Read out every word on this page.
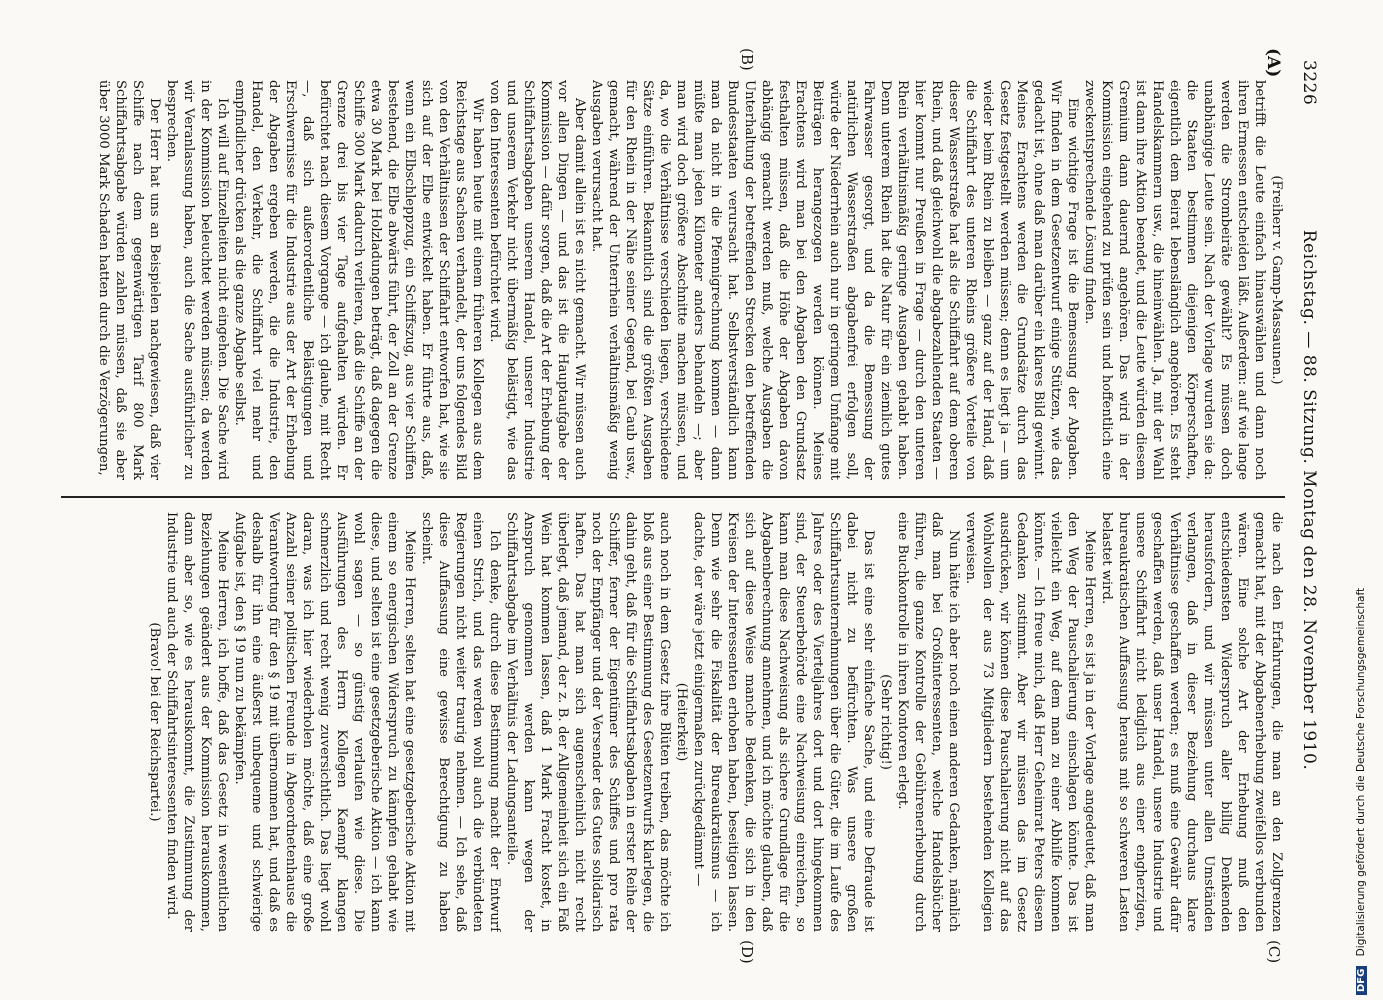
3226
Reichstag. — 88. Sitzung. Montag den 28. November 1910.
(A)
(B)
(C)
(D)

(Freiherr v. Gamp-Massaunen.)

betrifft die Leute einfach hinauswählen und dann noch ihren Ermessen entscheiden läßt. Außerdem: auf wie lange werden die Strombeiräte gewählt? Es müssen doch unabhängige Leute sein. Nach der Vorlage wurden sie da: die Staaten bestimmen diejenigen Körperschaften, eigentlich dem Beirat lebenslänglich angehören. Es steht Handelskammern usw., die hineinwählen. Ja, mit der Wahl ist dann ihre Aktion beendet, und die Leute würden diesem Gremium dann dauernd angehören. Das wird in der Kommission eingehend zu prüfen sein und hoffentlich eine zweckentsprechende Lösung finden.

Eine wichtige Frage ist die Bemessung der Abgaben. Wir finden in dem Gesetzentwurf einige Stützen, wie das gedacht ist, ohne daß man darüber ein klares Bild gewinnt. Meines Erachtens werden die Grundsätze durch das Gesetz festgestellt werden müssen; denn es liegt ja — um wieder beim Rhein zu bleiben — ganz auf der Hand, daß die Schiffahrt des unteren Rheins größere Vorteile von dieser Wasserstraße hat als die Schiffahrt auf dem oberen Rhein, und daß gleichwohl die abgabezahlenden Staaten — hier kommt nur Preußen in Frage — durch den unteren Rhein verhältnismäßig geringe Ausgaben gehabt haben. Denn unterem Rhein hat die Natur für ein ziemlich gutes Fahrwasser gesorgt, und da die Bemessung der natürlichen Wasserstraßen abgabenfrei erfolgen soll, würde der Niederrhein auch nur in geringem Umfange mit Beiträgen herangezogen werden können. Meines Erachtens wird man bei den Abgaben den Grundsatz festhalten müssen, daß die Höhe der Abgaben davon abhängig gemacht werden muß, welche Ausgaben die Unterhaltung der betreffenden Strecken den betreffenden Bundesstaaten verursacht hat. Selbstverständlich kann man da nicht in die Pfennigrechnung kommen — dann müßte man jeden Kilometer anders behandeln —; aber man wird doch größere Abschnitte machen müssen, und da, wo die Verhältnisse verschieden liegen, verschiedene Sätze einführen. Bekanntlich sind die größten Ausgaben für den Rhein in der Nähe seiner Gegend, bei Caub usw., gemacht, während der Unterrhein verhältnismäßig wenig Ausgaben verursacht hat.

Aber damit allein ist es nicht gemacht. Wir müssen auch vor allen Dingen — und das ist die Hauptaufgabe der Kommission — dafür sorgen, daß die Art der Erhebung der Schiffahrtsabgaben unserem Handel, unserer Industrie und unserem Verkehr nicht übermäßig belästigt, wie das von den Interessenten befürchtet wird.

Wir haben heute mit einem früheren Kollegen aus dem Reichstage aus Sachsen verhandelt, der uns folgendes Bild von den Verhältnissen der Schiffahrt entworfen hat, wie sie sich auf der Elbe entwickelt haben. Er führte aus, daß, wenn ein Elbschleppzug, ein Schiffszug, aus vier Schiffen bestehend, die Elbe abwärts führt, der Zoll an der Grenze etwa 30 Mark bei Holzladungen beträgt, daß dagegen die Schiffe 300 Mark dadurch verlieren, daß die Schiffe an der Grenze drei bis vier Tage aufgehalten würden. Er befürchtet nach diesem Vorgange — ich glaube, mit Recht —, daß sich außerordentliche Belästigungen und Erschwernisse für die Industrie aus der Art der Erhebung der Abgaben ergeben werden, die die Industrie, den Handel, den Verkehr, die Schiffahrt viel mehr und empfindlicher drücken als die ganze Abgabe selbst.

Ich will auf Einzelheiten nicht eingehen. Die Sache wird in der Kommission beleuchtet werden müssen; da werden wir Veranlassung haben, auch die Sache ausführlicher zu besprechen.

Der Herr hat uns an Beispielen nachgewiesen, daß vier Schiffe nach dem gegenwärtigen Tarif 800 Mark Schiffahrtsabgabe würden zahlen müssen, daß sie aber über 3000 Mark Schaden hatten durch die Verzögerungen,

die nach den Erfahrungen, die man an den Zollgrenzen gemacht hat, mit der Abgabenerhebung zweifellos verbunden wären. Eine solche Art der Erhebung muß den entschiedensten Widerspruch aller billig Denkenden herausfordern, und wir müssen unter allen Umständen verlangen, daß in dieser Beziehung durchaus klare Verhältnisse geschaffen werden; es muß eine Gewähr dafür geschaffen werden, daß unser Handel, unsere Industrie und unsere Schiffahrt nicht lediglich aus einer engherzigen, bureaukratischen Auffassung heraus mit so schweren Lasten belastet wird.

Meine Herren, es ist ja in der Vorlage angedeutet, daß man den Weg der Pauschalierung einschlagen könnte. Das ist vielleicht ein Weg, auf dem man zu einer Abhilfe kommen könnte. — Ich freue mich, daß Herr Geheimrat Peters diesem Gedanken zustimmt. Aber wir müssen das im Gesetz ausdrücken, wir können diese Pauschalierung nicht auf das Wohlwollen der aus 73 Mitgliedern bestehenden Kollegien verweisen.

Nun hätte ich aber noch einen anderen Gedanken, nämlich daß man bei Großinteressenten, welche Handelsbücher führen, die ganze Kontrolle der Gebührenerhebung durch eine Buchkontrolle in ihren Kontoren erlegt.

(Sehr richtig!)

Das ist eine sehr einfache Sache, und eine Defraude ist dabei nicht zu befürchten. Was unsere großen Schiffahrtsunternehmungen über die Güter, die im Laufe des Jahres oder des Vierteljahres dort und dort hingekommen sind, der Steuerbehörde eine Nachweisung einreichen, so kann man diese Nachweisung als sichere Grundlage für die Abgabenberechnung annehmen, und ich möchte glauben, daß sich auf diese Weise manche Bedenken, die sich in den Kreisen der Interessenten erhoben haben, beseitigen lassen. Denn wie sehr die Fiskalität der Bureaukratismus — ich dachte, der wäre jetzt einigermaßen zurückgedämmt —

(Heiterkeit)

auch noch in dem Gesetz ihre Blüten treiben, das möchte ich bloß aus einer Bestimmung des Gesetzentwurfs klarlegen, die dahin geht, daß für die Schiffahrtsabgaben in erster Reihe der Schiffer, ferner der Eigentümer des Schiffes und pro rata noch der Empfänger und der Versender des Gutes solidarisch haften. Das hat man sich augenscheinlich nicht recht überlegt, daß jemand, der z. B. der Allgemeinheit sich ein Faß Wein hat kommen lassen, daß 1 Mark Fracht kostet, in Anspruch genommen werden kann wegen der Schiffahrtsabgabe im Verhältnis der Ladungsanteile.

Ich denke, durch diese Bestimmung macht der Entwurf einen Strich, und das werden wohl auch die verbündeten Regierungen nicht weiter traurig nehmen. — Ich sehe, daß diese Auffassung eine gewisse Berechtigung zu haben scheint.

Meine Herren, selten hat eine gesetzgeberische Aktion mit einem so energischen Widerspruch zu kämpfen gehabt wie diese, und selten ist eine gesetzgeberische Aktion — ich kann wohl sagen — so günstig verlaufen wie diese. Die Ausführungen des Herrn Kollegen Kaempf klangen schmerzlich und recht wenig zuversichtlich. Das liegt wohl daran, was ich hier wiederholen möchte, daß eine große Anzahl seiner politischen Freunde in Abgeordnetenhause die Verantwortung für den § 19 mit übernommen hat, und daß es deshalb für ihn eine äußerst unbequeme und schwierige Aufgabe ist, den § 19 nun zu bekämpfen.

Meine Herren, ich hoffe, daß das Gesetz in wesentlichen Beziehungen geändert aus der Kommission herauskommen, dann aber so, wie es herauskommt, die Zustimmung der Industrie und auch der Schiffahrtsinteressenten finden wird.

(Bravo! bei der Reichspartei.)

DFG Digitalisierung gefördert durch die Deutsche Forschungsgemeinschaft
